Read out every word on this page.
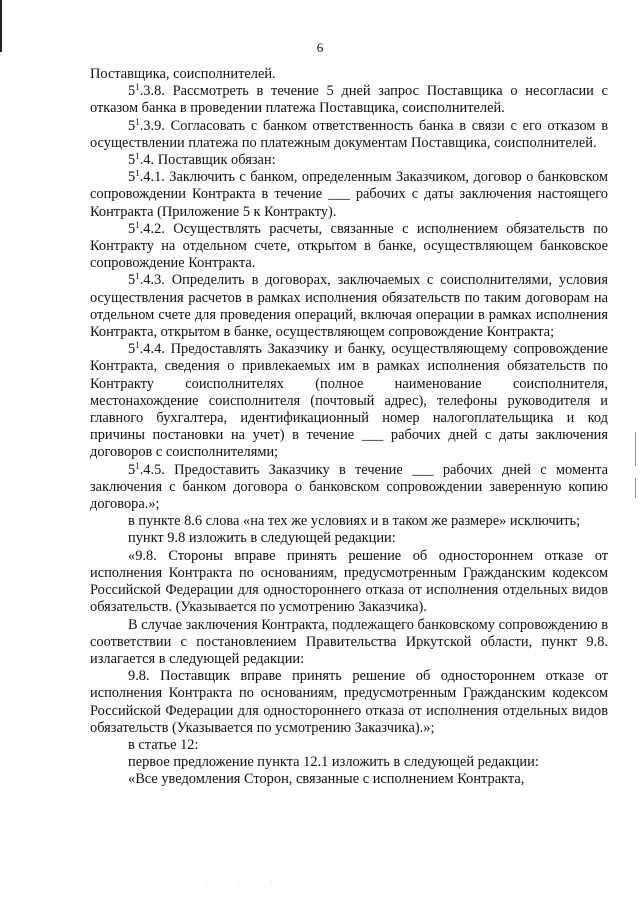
6

Поставщика, соисполнителей.

$5^1.3.8$. Рассмотреть в течение 5 дней запрос Поставщика о несогласии с отказом банка в проведении платежа Поставщика, соисполнителей.

$5^1.3.9$. Согласовать с банком ответственность банка в связи с его отказом в осуществлении платежа по платежным документам Поставщика, соисполнителей.

$5^1.4$. Поставщик обязан:

$5^1.4.1$. Заключить с банком, определенным Заказчиком, договор о банковском сопровождении Контракта в течение ___ рабочих с даты заключения настоящего Контракта (Приложение 5 к Контракту).

$5^1.4.2$. Осуществлять расчеты, связанные с исполнением обязательств по Контракту на отдельном счете, открытом в банке, осуществляющем банковское сопровождение Контракта.

$5^1.4.3$. Определить в договорах, заключаемых с соисполнителями, условия осуществления расчетов в рамках исполнения обязательств по таким договорам на отдельном счете для проведения операций, включая операции в рамках исполнения Контракта, открытом в банке, осуществляющем сопровождение Контракта;

$5^1.4.4$. Предоставлять Заказчику и банку, осуществляющему сопровождение Контракта, сведения о привлекаемых им в рамках исполнения обязательств по Контракту соисполнителях (полное наименование соисполнителя, местонахождение соисполнителя (почтовый адрес), телефоны руководителя и главного бухгалтера, идентификационный номер налогоплательщика и код причины постановки на учет) в течение ___ рабочих дней с даты заключения договоров с соисполнителями;

$5^1.4.5$. Предоставить Заказчику в течение ___ рабочих дней с момента заключения с банком договора о банковском сопровождении заверенную копию договора.»;

в пункте 8.6 слова «на тех же условиях и в таком же размере» исключить;

пункт 9.8 изложить в следующей редакции:

«9.8. Стороны вправе принять решение об одностороннем отказе от исполнения Контракта по основаниям, предусмотренным Гражданским кодексом Российской Федерации для одностороннего отказа от исполнения отдельных видов обязательств. (Указывается по усмотрению Заказчика).

В случае заключения Контракта, подлежащего банковскому сопровождению в соответствии с постановлением Правительства Иркутской области, пункт 9.8. излагается в следующей редакции:

9.8. Поставщик вправе принять решение об одностороннем отказе от исполнения Контракта по основаниям, предусмотренным Гражданским кодексом Российской Федерации для одностороннего отказа от исполнения отдельных видов обязательств (Указывается по усмотрению Заказчика).»;

в статье 12:

первое предложение пункта 12.1 изложить в следующей редакции:

«Все уведомления Сторон, связанные с исполнением Контракта,

· · ·
